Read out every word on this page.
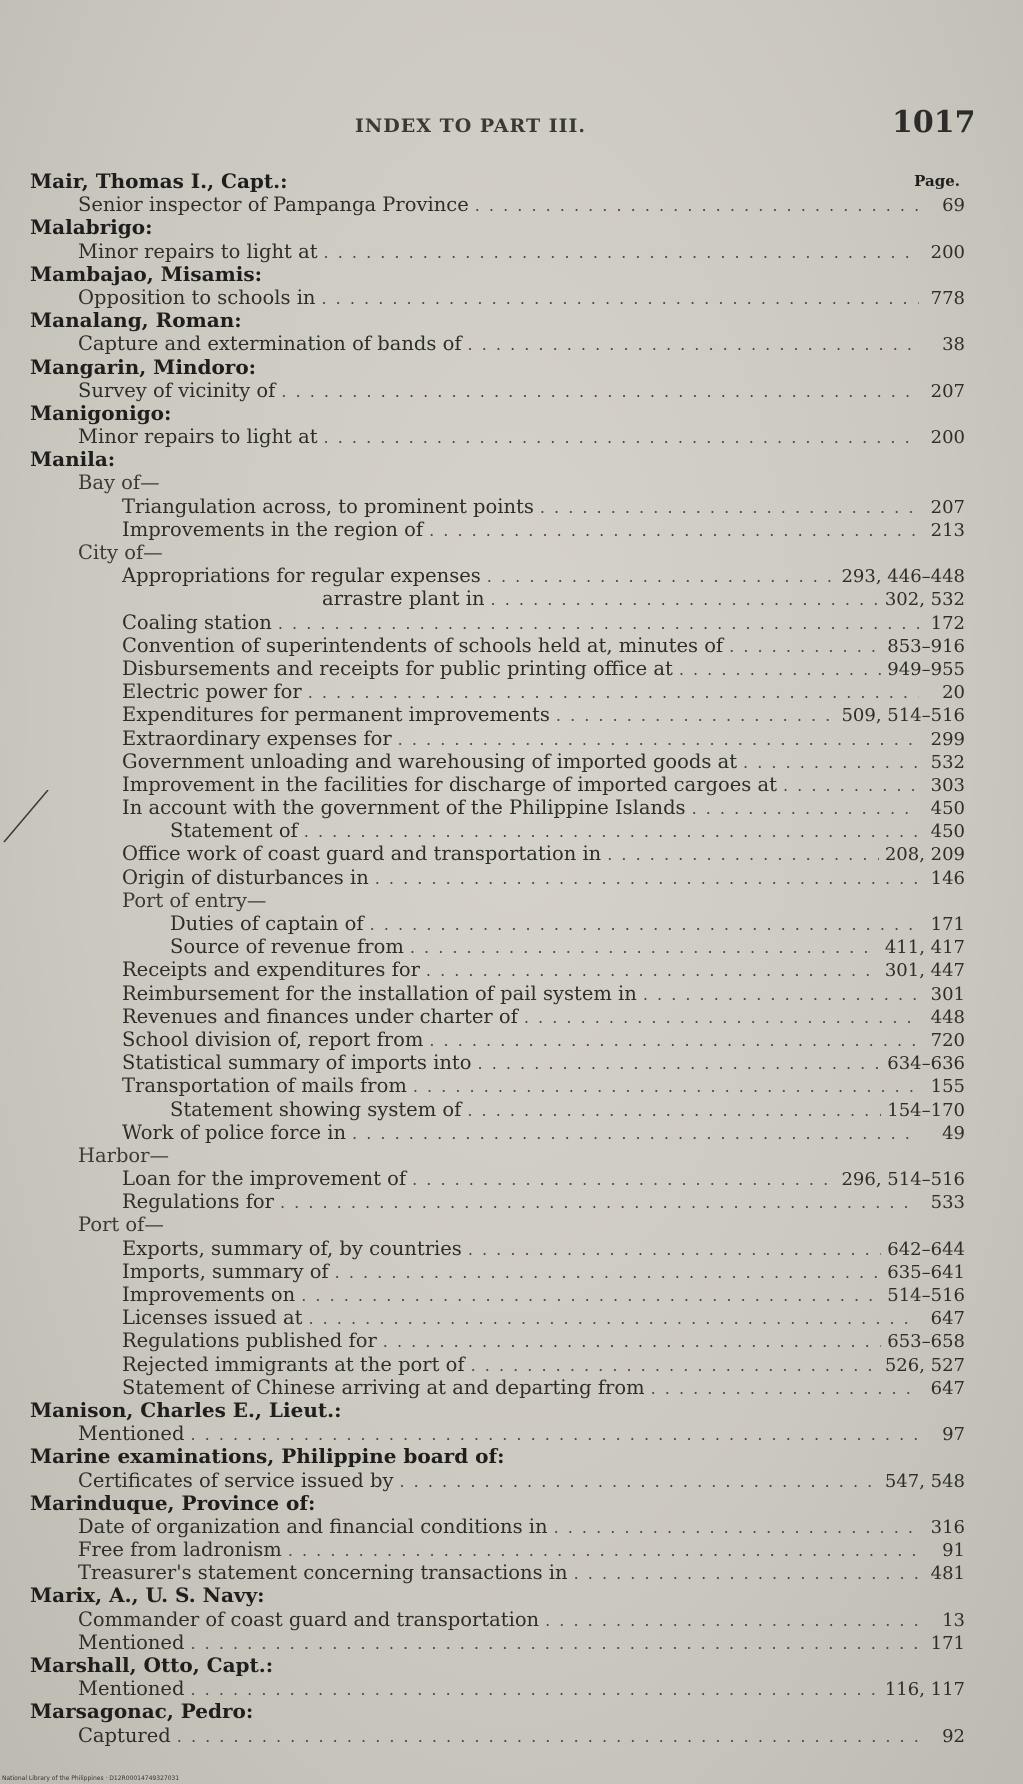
INDEX TO PART III.	1017
Mair, Thomas I., Capt.:	Page.
Senior inspector of Pampanga Province . . .	69
Malabrigo:
Minor repairs to light at . . .	200
Mambajao, Misamis:
Opposition to schools in . . .	778
Manalang, Roman:
Capture and extermination of bands of . . .	38
Mangarin, Mindoro:
Survey of vicinity of . . .	207
Manigonigo:
Minor repairs to light at . . .	200
Manila:
Bay of—
Triangulation across, to prominent points . . .	207
Improvements in the region of . . .	213
City of—
Appropriations for regular expenses . . .	293, 446–448
arrastre plant in . . .	302, 532
Coaling station . . .	172
Convention of superintendents of schools held at, minutes of . . .	853–916
Disbursements and receipts for public printing office at . . .	949–955
Electric power for . . .	20
Expenditures for permanent improvements . . .	509, 514–516
Extraordinary expenses for . . .	299
Government unloading and warehousing of imported goods at . . .	532
Improvement in the facilities for discharge of imported cargoes at . . .	303
In account with the government of the Philippine Islands . . .	450
Statement of . . .	450
Office work of coast guard and transportation in . . .	208, 209
Origin of disturbances in . . .	146
Port of entry—
Duties of captain of . . .	171
Source of revenue from . . .	411, 417
Receipts and expenditures for . . .	301, 447
Reimbursement for the installation of pail system in . . .	301
Revenues and finances under charter of . . .	448
School division of, report from . . .	720
Statistical summary of imports into . . .	634–636
Transportation of mails from . . .	155
Statement showing system of . . .	154–170
Work of police force in . . .	49
Harbor—
Loan for the improvement of . . .	296, 514–516
Regulations for . . .	533
Port of—
Exports, summary of, by countries . . .	642–644
Imports, summary of . . .	635–641
Improvements on . . .	514–516
Licenses issued at . . .	647
Regulations published for . . .	653–658
Rejected immigrants at the port of . . .	526, 527
Statement of Chinese arriving at and departing from . . .	647
Manison, Charles E., Lieut.:
Mentioned . . .	97
Marine examinations, Philippine board of:
Certificates of service issued by . . .	547, 548
Marinduque, Province of:
Date of organization and financial conditions in . . .	316
Free from ladronism . . .	91
Treasurer's statement concerning transactions in . . .	481
Marix, A., U. S. Navy:
Commander of coast guard and transportation . . .	13
Mentioned . . .	171
Marshall, Otto, Capt.:
Mentioned . . .	116, 117
Marsagonac, Pedro:
Captured . . .	92
National Library of the Philippines · D12R00014749327031
